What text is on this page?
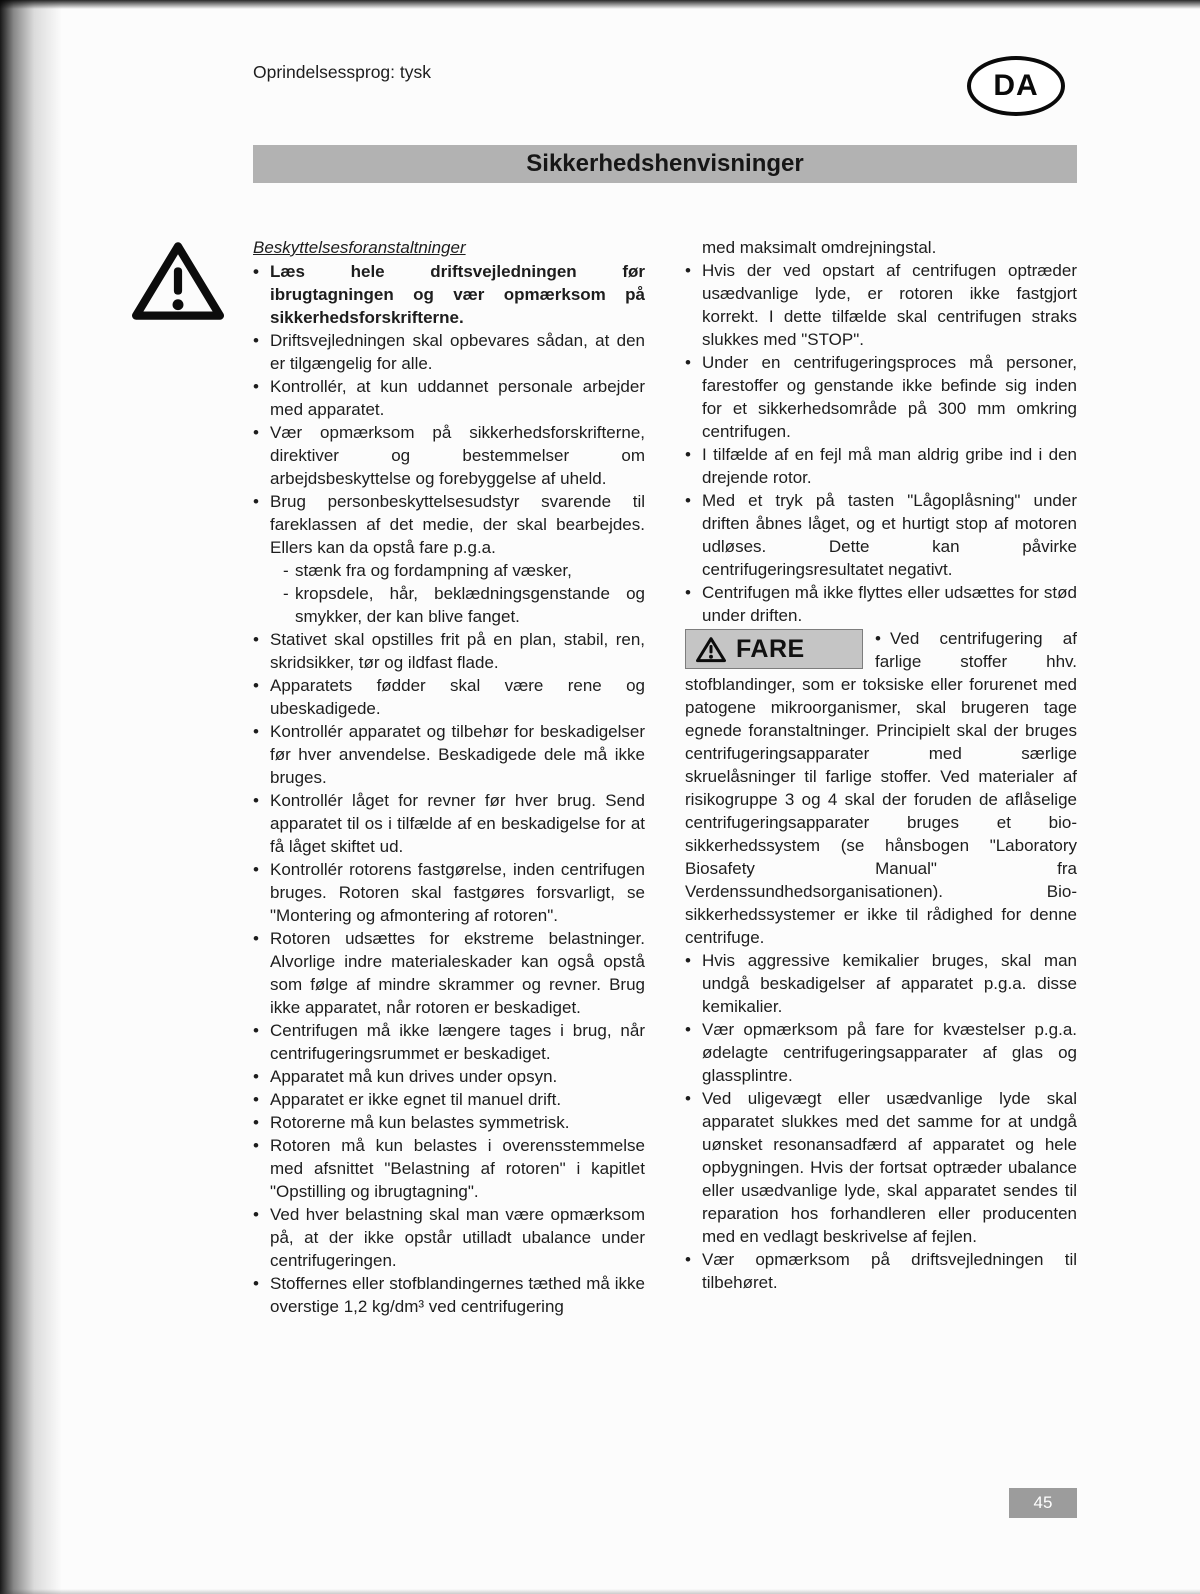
Oprindelsessprog: tysk	DA
Sikkerhedshenvisninger
Beskyttelsesforanstaltninger
• Læs hele driftsvejledningen før ibrugtagningen og vær opmærksom på sikkerhedsforskrifterne.
• Driftsvejledningen skal opbevares sådan, at den er tilgængelig for alle.
• Kontrollér, at kun uddannet personale arbejder med apparatet.
• Vær opmærksom på sikkerhedsforskrifterne, direktiver og bestemmelser om arbejdsbeskyttelse og forebyggelse af uheld.
• Brug personbeskyttelsesudstyr svarende til fareklassen af det medie, der skal bearbejdes. Ellers kan da opstå fare p.g.a.
- stænk fra og fordampning af væsker,
- kropsdele, hår, beklædningsgenstande og smykker, der kan blive fanget.
• Stativet skal opstilles frit på en plan, stabil, ren, skridsikker, tør og ildfast flade.
• Apparatets fødder skal være rene og ubeskadigede.
• Kontrollér apparatet og tilbehør for beskadigelser før hver anvendelse. Beskadigede dele må ikke bruges.
• Kontrollér låget for revner før hver brug. Send apparatet til os i tilfælde af en beskadigelse for at få låget skiftet ud.
• Kontrollér rotorens fastgørelse, inden centrifugen bruges. Rotoren skal fastgøres forsvarligt, se "Montering og afmontering af rotoren".
• Rotoren udsættes for ekstreme belastninger. Alvorlige indre materialeskader kan også opstå som følge af mindre skrammer og revner. Brug ikke apparatet, når rotoren er beskadiget.
• Centrifugen må ikke længere tages i brug, når centrifugeringsrummet er beskadiget.
• Apparatet må kun drives under opsyn.
• Apparatet er ikke egnet til manuel drift.
• Rotorerne må kun belastes symmetrisk.
• Rotoren må kun belastes i overensstemmelse med afsnittet "Belastning af rotoren" i kapitlet "Opstilling og ibrugtagning".
• Ved hver belastning skal man være opmærksom på, at der ikke opstår utilladt ubalance under centrifugeringen.
• Stoffernes eller stofblandingernes tæthed må ikke overstige 1,2 kg/dm³ ved centrifugering
med maksimalt omdrejningstal.
• Hvis der ved opstart af centrifugen optræder usædvanlige lyde, er rotoren ikke fastgjort korrekt. I dette tilfælde skal centrifugen straks slukkes med "STOP".
• Under en centrifugeringsproces må personer, farestoffer og genstande ikke befinde sig inden for et sikkerhedsområde på 300 mm omkring centrifugen.
• I tilfælde af en fejl må man aldrig gribe ind i den drejende rotor.
• Med et tryk på tasten "Lågoplåsning" under driften åbnes låget, og et hurtigt stop af motoren udløses. Dette kan påvirke centrifugeringsresultatet negativt.
• Centrifugen må ikke flyttes eller udsættes for stød under driften.
FARE	• Ved centrifugering af farlige stoffer hhv. stofblandinger, som er toksiske eller forurenet med patogene mikroorganismer, skal brugeren tage egnede foranstaltninger. Principielt skal der bruges centrifugeringsapparater med særlige skruelåsninger til farlige stoffer. Ved materialer af risikogruppe 3 og 4 skal der foruden de aflåselige centrifugeringsapparater bruges et bio-sikkerhedssystem (se hånsbogen "Laboratory Biosafety Manual" fra Verdenssundhedsorganisationen). Bio-sikkerhedssystemer er ikke til rådighed for denne centrifuge.
• Hvis aggressive kemikalier bruges, skal man undgå beskadigelser af apparatet p.g.a. disse kemikalier.
• Vær opmærksom på fare for kvæstelser p.g.a. ødelagte centrifugeringsapparater af glas og glassplintre.
• Ved uligevægt eller usædvanlige lyde skal apparatet slukkes med det samme for at undgå uønsket resonansadfærd af apparatet og hele opbygningen. Hvis der fortsat optræder ubalance eller usædvanlige lyde, skal apparatet sendes til reparation hos forhandleren eller producenten med en vedlagt beskrivelse af fejlen.
• Vær opmærksom på driftsvejledningen til tilbehøret.
45
